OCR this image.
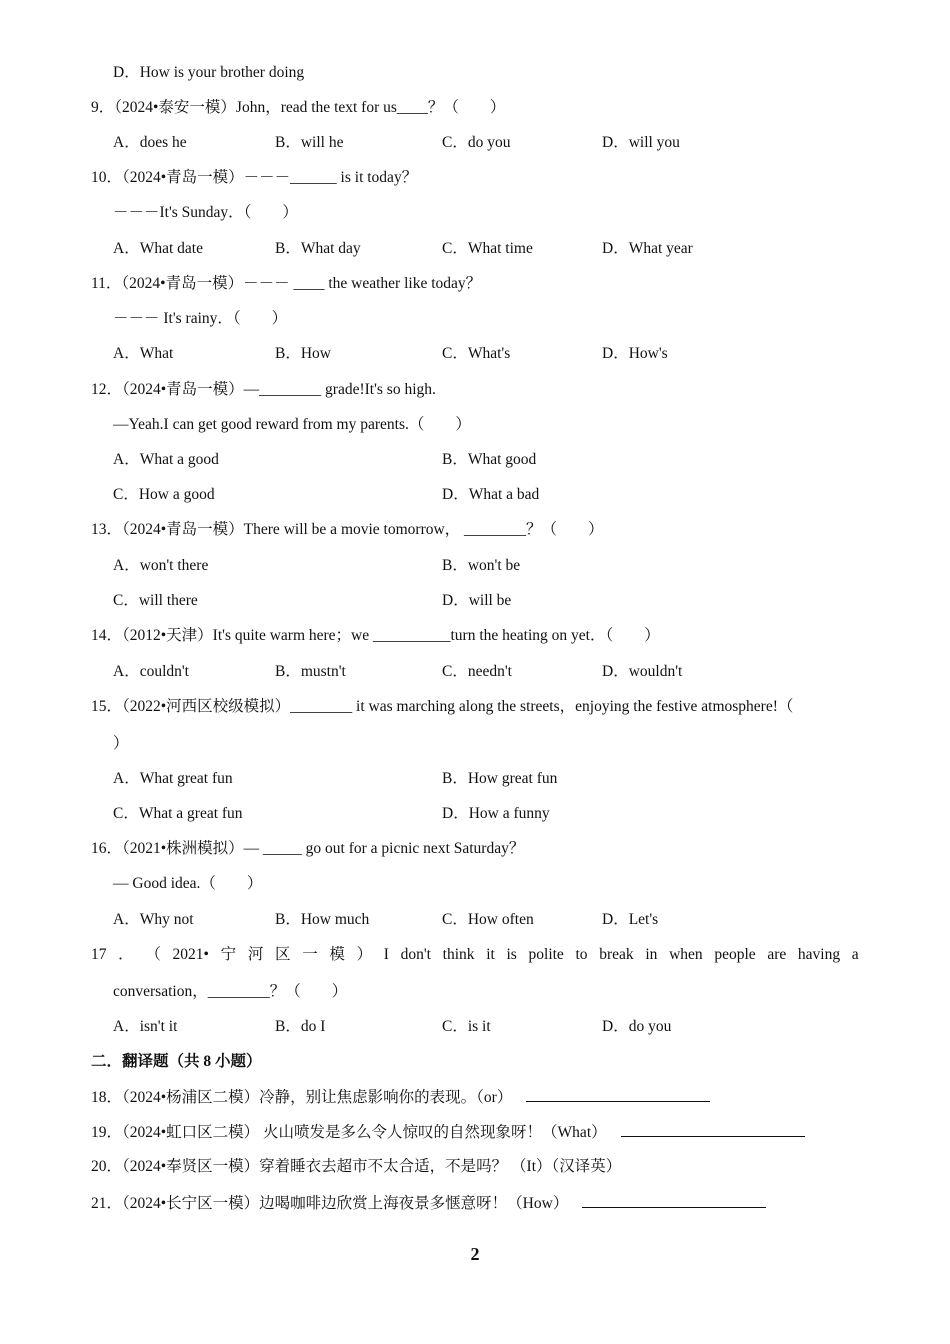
D．How is your brother doing
9．（2024•泰安一模）John，read the text for us____？（　　）
A．does he	B．will he	C．do you	D．will you
10．（2024•青岛一模）－－－______ is it today？
－－－It's Sunday．（　　）
A．What date	B．What day	C．What time	D．What year
11．（2024•青岛一模）－－－ ____ the weather like today？
－－－ It's rainy．（　　）
A．What	B．How	C．What's	D．How's
12．（2024•青岛一模）—________ grade!It's so high.
—Yeah.I can get good reward from my parents.（　　）
A．What a good	B．What good
C．How a good	D．What a bad
13．（2024•青岛一模）There will be a movie tomorrow， ________？（　　）
A．won't there	B．won't be
C．will there	D．will be
14．（2012•天津）It's quite warm here；we __________turn the heating on yet．（　　）
A．couldn't	B．mustn't	C．needn't	D．wouldn't
15．（2022•河西区校级模拟）________ it was marching along the streets，enjoying the festive atmosphere!（
）
A．What great fun	B．How great fun
C．What a great fun	D．How a funny
16．（2021•株洲模拟）— _____ go out for a picnic next Saturday？
— Good idea.（　　）
A．Why not	B．How much	C．How often	D．Let's
17 ． （ 2021• 宁 河 区 一 模 ） I don't think it is polite to break in when people are having a
conversation，________？（　　）
A．isn't it	B．do I	C．is it	D．do you
二．翻译题（共 8 小题）
18．（2024•杨浦区二模）冷静，别让焦虑影响你的表现。（or）
19．（2024•虹口区二模） 火山喷发是多么令人惊叹的自然现象呀！（What）
20．（2024•奉贤区一模）穿着睡衣去超市不太合适，不是吗？ （It）（汉译英）
21．（2024•长宁区一模）边喝咖啡边欣赏上海夜景多惬意呀！（How）
2
